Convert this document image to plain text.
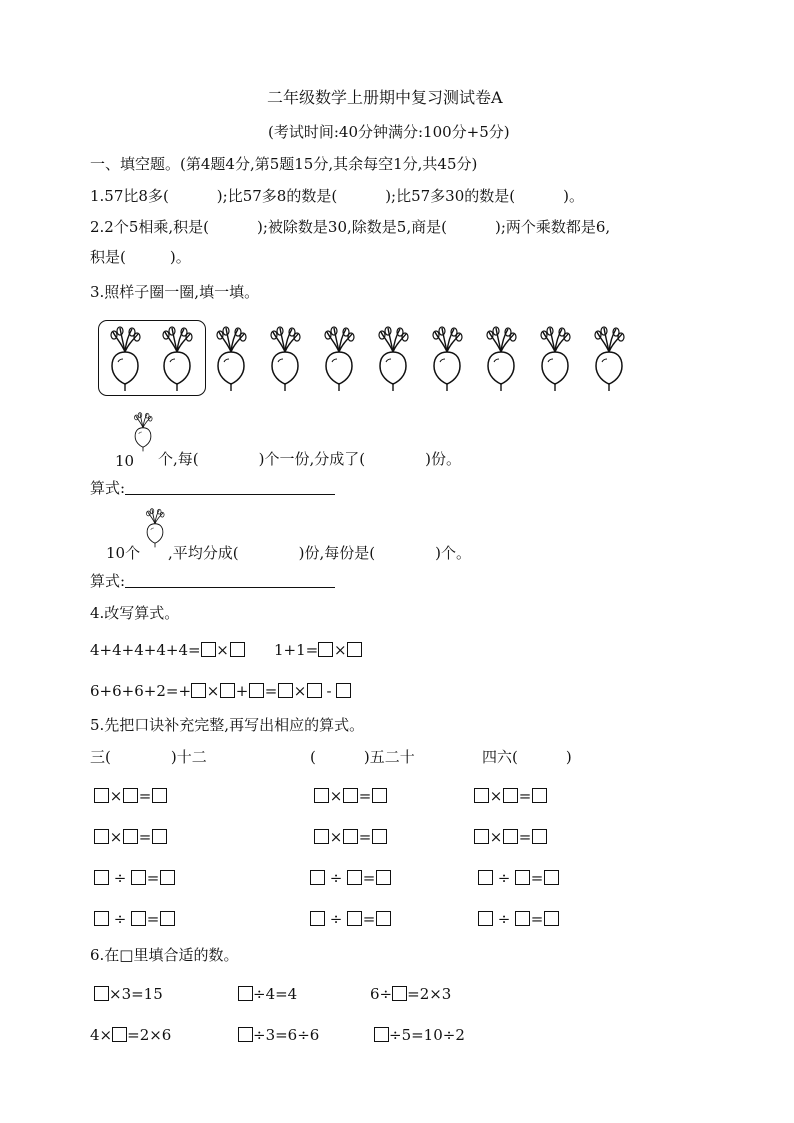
二年级数学上册期中复习测试卷A
(考试时间:40分钟满分:100分+5分)
一、填空题。(第4题4分,第5题15分,其余每空1分,共45分)
1.57比8多(	);比57多8的数是(	);比57多30的数是(	)。
2.2个5相乘,积是(	);被除数是30,除数是5,商是(	);两个乘数都是6,
积是(	)。
3.照样子圈一圈,填一填。
10 个,每(	)个一份,分成了(	)份。
算式:
10个 ,平均分成(	)份,每份是(	)个。
算式:
4.改写算式。
4+4+4+4+4= ×	1+1= ×
6+6+6+2=+ × + = × -
5.先把口诀补充完整,再写出相应的算式。
三(	)十二	(	)五二十	四六(	)
× =	× =	× =
× =	× =	× =
÷ =	÷ =	÷ =
÷ =	÷ =	÷ =
6.在□里填合适的数。
×3=15	÷4=4	6÷ =2×3
4× =2×6	÷3=6÷6	÷5=10÷2
